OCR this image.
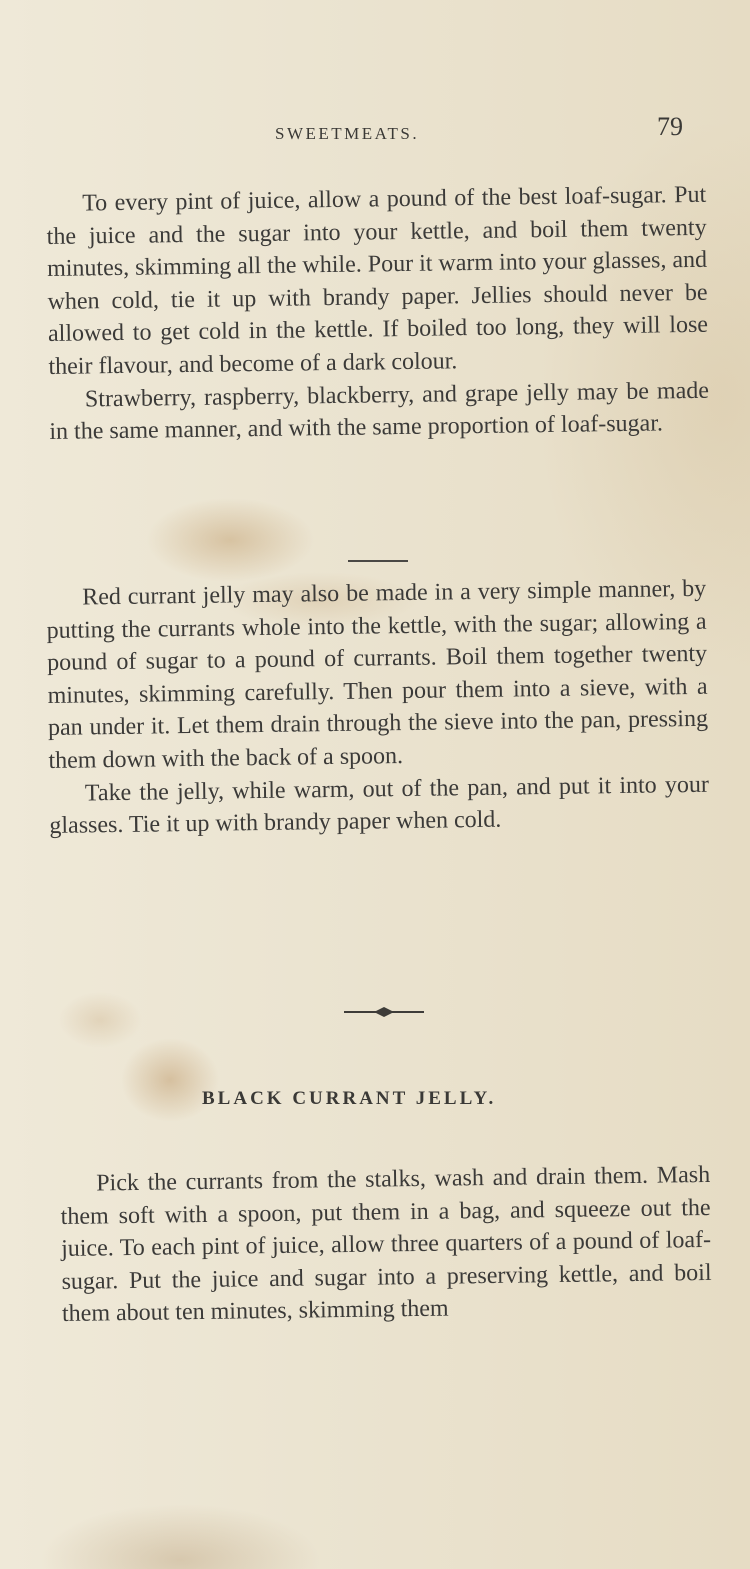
SWEETMEATS.	79

To every pint of juice, allow a pound of the best loaf-sugar. Put the juice and the sugar into your kettle, and boil them twenty minutes, skimming all the while. Pour it warm into your glasses, and when cold, tie it up with brandy paper. Jellies should never be allowed to get cold in the kettle. If boiled too long, they will lose their flavour, and become of a dark colour.

Strawberry, raspberry, blackberry, and grape jelly may be made in the same manner, and with the same proportion of loaf-sugar.

Red currant jelly may also be made in a very simple manner, by putting the currants whole into the kettle, with the sugar; allowing a pound of sugar to a pound of currants. Boil them together twenty minutes, skimming carefully. Then pour them into a sieve, with a pan under it. Let them drain through the sieve into the pan, pressing them down with the back of a spoon.

Take the jelly, while warm, out of the pan, and put it into your glasses. Tie it up with brandy paper when cold.

BLACK CURRANT JELLY.

Pick the currants from the stalks, wash and drain them. Mash them soft with a spoon, put them in a bag, and squeeze out the juice. To each pint of juice, allow three quarters of a pound of loaf-sugar. Put the juice and sugar into a preserving kettle, and boil them about ten minutes, skimming them
